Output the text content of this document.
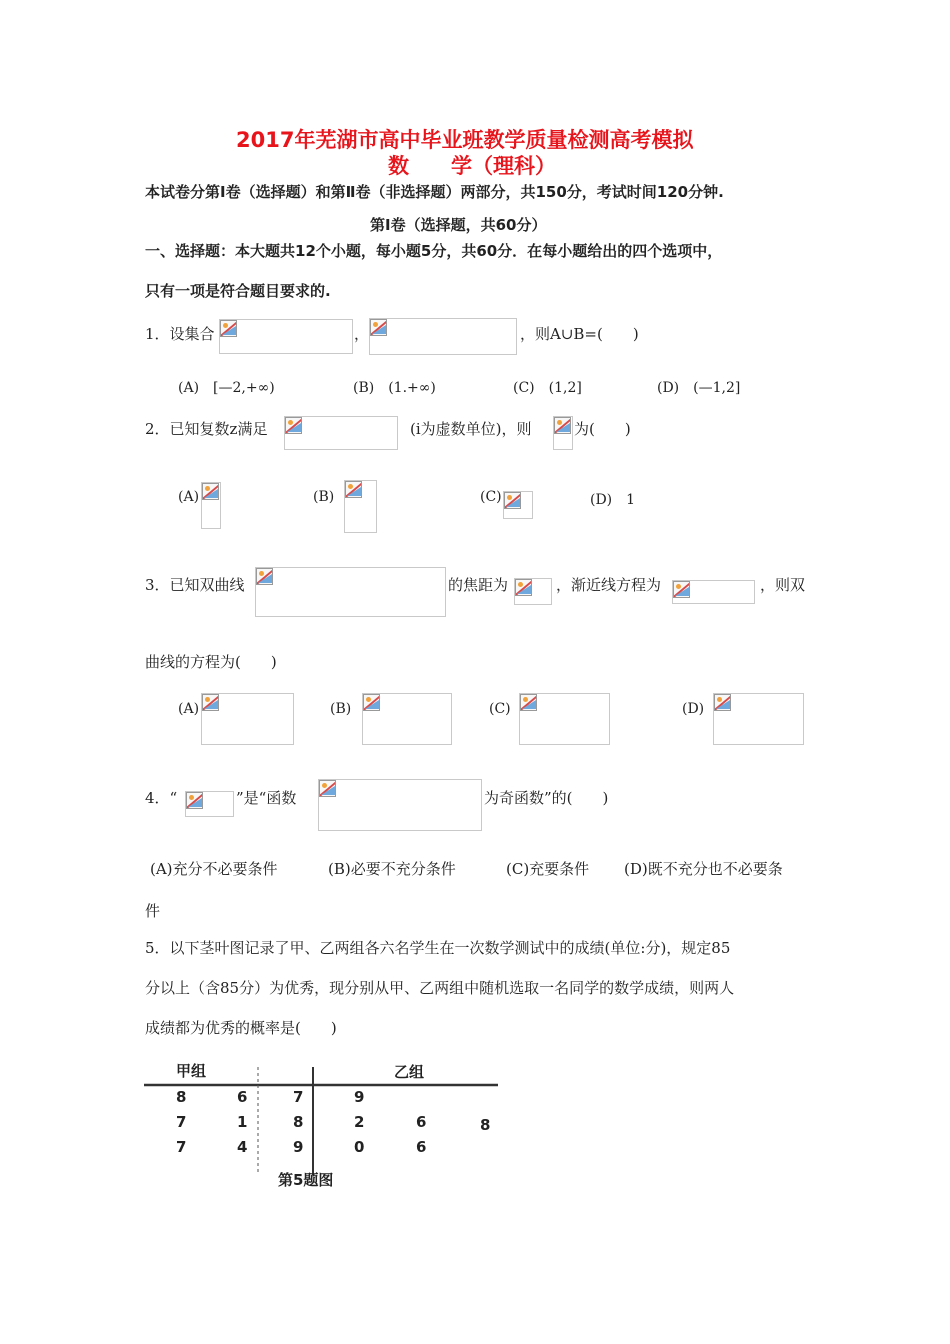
2017年芜湖市高中毕业班教学质量检测高考模拟
数　　学（理科）
本试卷分第Ⅰ卷（选择题）和第Ⅱ卷（非选择题）两部分，共150分，考试时间120分钟.
第Ⅰ卷（选择题，共60分）
一、选择题：本大题共12个小题，每小题5分，共60分．在每小题给出的四个选项中，
只有一项是符合题目要求的.
1．设集合	，	，则A∪B=(　　)
(A)　[—2,+∞)	(B)　(1.+∞)	(C)　(1,2]	(D)　(—1,2]
2．已知复数z满足	(i为虚数单位)，则	为(　　)
(A)	(B)	(C)	(D)　1
3．已知双曲线	的焦距为	，渐近线方程为	，则双
曲线的方程为(　　)
(A)	(B)	(C)	(D)
4．“	”是“函数	为奇函数”的(　　)
(A)充分不必要条件	(B)必要不充分条件	(C)充要条件 (D)既不充分也不必要条
件
5．以下茎叶图记录了甲、乙两组各六名学生在一次数学测试中的成绩(单位:分)，规定85
分以上（含85分）为优秀，现分别从甲、乙两组中随机选取一名同学的数学成绩，则两人
成绩都为优秀的概率是(　　)
甲组	乙组
8	6	7	9
7	1	8	2	6	8
7	4	9	0	6
第5题图
